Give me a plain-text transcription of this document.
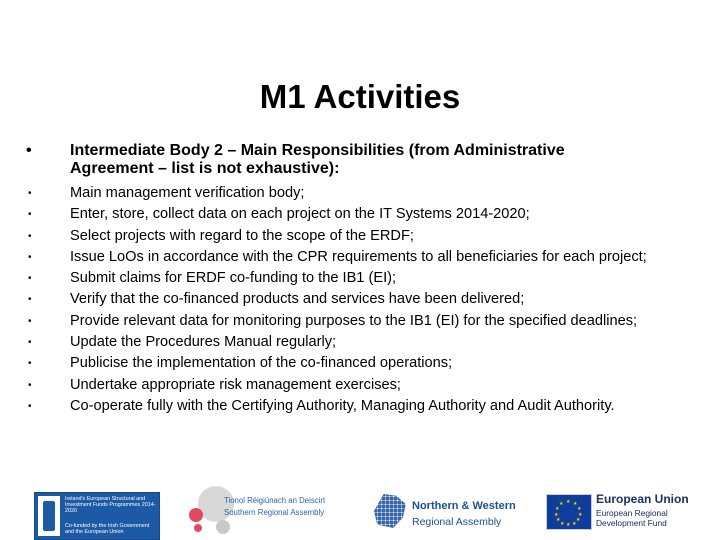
M1 Activities
•	Intermediate Body 2 – Main Responsibilities (from Administrative
Agreement – list is not exhaustive):
•	Main management verification body;
•	Enter, store, collect data on each project on the IT Systems 2014-2020;
•	Select projects with regard to the scope of the ERDF;
•	Issue LoOs in accordance with the CPR requirements to all beneficiaries for each project;
•	Submit claims for ERDF co-funding to the IB1 (EI);
•	Verify that the co-financed products and services have been delivered;
•	Provide relevant data for monitoring purposes to the IB1 (EI) for the specified deadlines;
•	Update the Procedures Manual regularly;
•	Publicise the implementation of the co-financed operations;
•	Undertake appropriate risk management exercises;
•	Co-operate fully with the Certifying Authority, Managing Authority and Audit Authority.
Ireland's European Structural and Investment Funds Programmes 2014-2020
Co-funded by the Irish Government and the European Union
Tionol Réigiúnach an Deiscirt
Southern Regional Assembly
Northern & Western
Regional Assembly
★ ★
★
★
★
★
★
★
★
★
★
★	European Union
European Regional Development Fund
